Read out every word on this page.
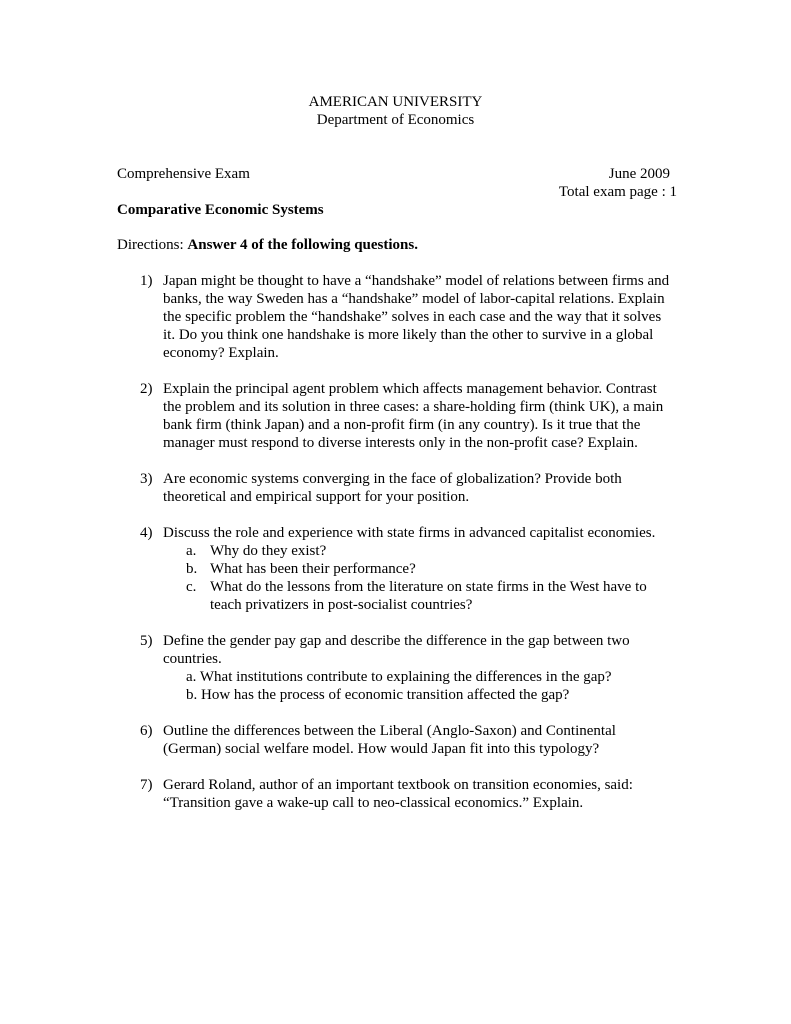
AMERICAN UNIVERSITY
Department of Economics
Comprehensive Exam	June 2009
Total exam page : 1
Comparative Economic Systems
Directions: Answer 4 of the following questions.
1) Japan might be thought to have a “handshake” model of relations between firms and banks, the way Sweden has a “handshake” model of labor-capital relations. Explain the specific problem the “handshake” solves in each case and the way that it solves it. Do you think one handshake is more likely than the other to survive in a global economy? Explain.

2) Explain the principal agent problem which affects management behavior. Contrast the problem and its solution in three cases: a share-holding firm (think UK), a main bank firm (think Japan) and a non-profit firm (in any country). Is it true that the manager must respond to diverse interests only in the non-profit case? Explain.

3) Are economic systems converging in the face of globalization? Provide both theoretical and empirical support for your position.

4) Discuss the role and experience with state firms in advanced capitalist economies.

a. Why do they exist?
b. What has been their performance?
c. What do the lessons from the literature on state firms in the West have to teach privatizers in post-socialist countries?
5) Define the gender pay gap and describe the difference in the gap between two countries.

a. What institutions contribute to explaining the differences in the gap?
b. How has the process of economic transition affected the gap?
6) Outline the differences between the Liberal (Anglo-Saxon) and Continental (German) social welfare model. How would Japan fit into this typology?

7) Gerard Roland, author of an important textbook on transition economies, said: “Transition gave a wake-up call to neo-classical economics.” Explain.
